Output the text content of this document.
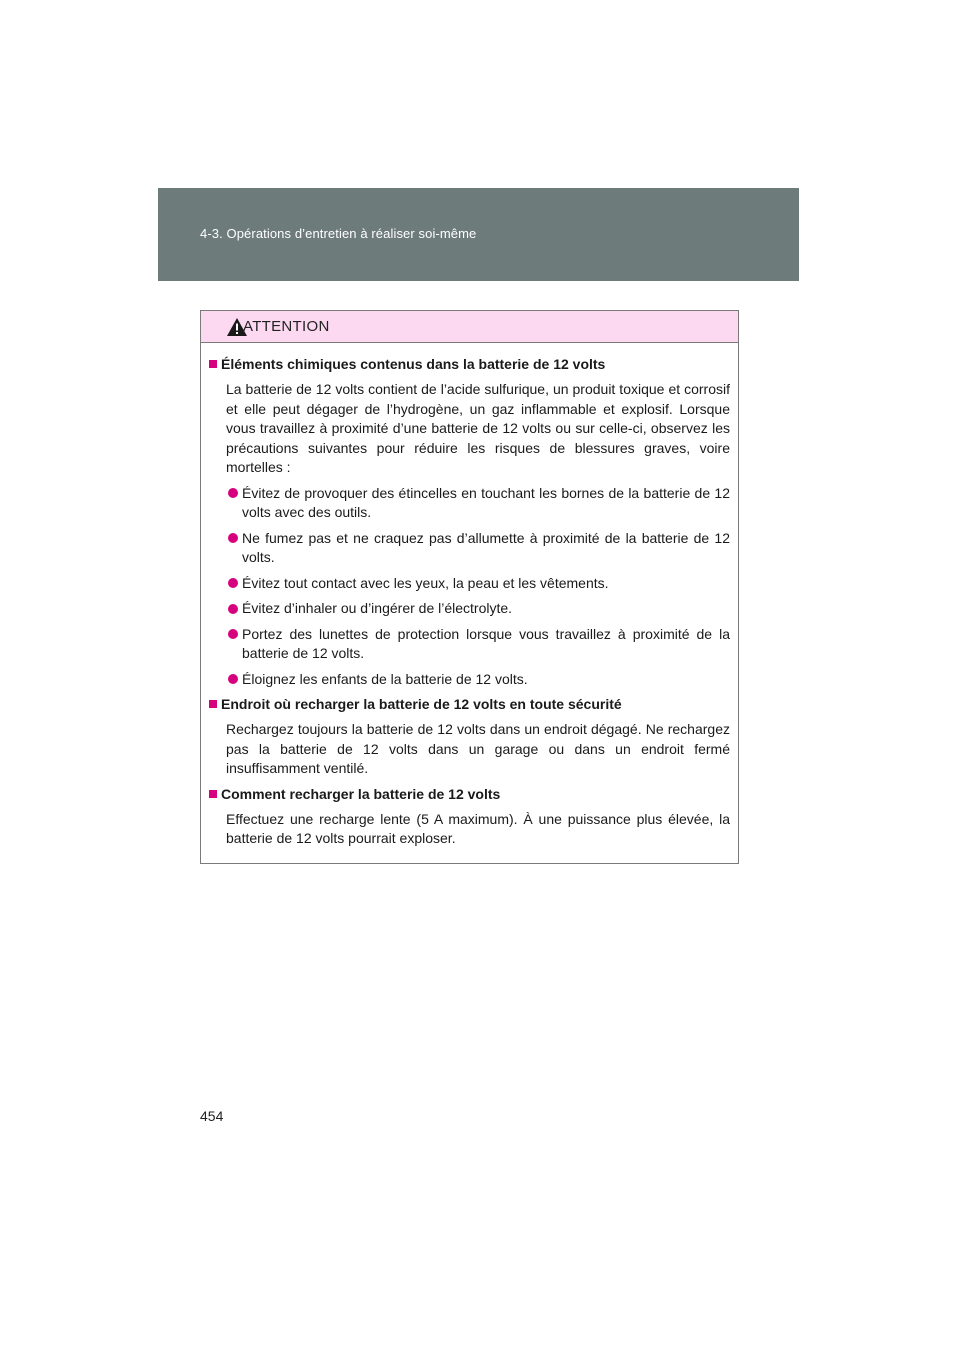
4-3. Opérations d’entretien à réaliser soi-même
ATTENTION
Éléments chimiques contenus dans la batterie de 12 volts

La batterie de 12 volts contient de l’acide sulfurique, un produit toxique et corrosif et elle peut dégager de l’hydrogène, un gaz inflammable et explosif. Lorsque vous travaillez à proximité d’une batterie de 12 volts ou sur celle-ci, observez les précautions suivantes pour réduire les risques de blessures graves, voire mortelles :

Évitez de provoquer des étincelles en touchant les bornes de la batterie de 12 volts avec des outils.
Ne fumez pas et ne craquez pas d’allumette à proximité de la batterie de 12 volts.
Évitez tout contact avec les yeux, la peau et les vêtements.
Évitez d’inhaler ou d’ingérer de l’électrolyte.
Portez des lunettes de protection lorsque vous travaillez à proximité de la batterie de 12 volts.
Éloignez les enfants de la batterie de 12 volts.
Endroit où recharger la batterie de 12 volts en toute sécurité

Rechargez toujours la batterie de 12 volts dans un endroit dégagé. Ne rechargez pas la batterie de 12 volts dans un garage ou dans un endroit fermé insuffisamment ventilé.

Comment recharger la batterie de 12 volts

Effectuez une recharge lente (5 A maximum). À une puissance plus élevée, la batterie de 12 volts pourrait exploser.

454
